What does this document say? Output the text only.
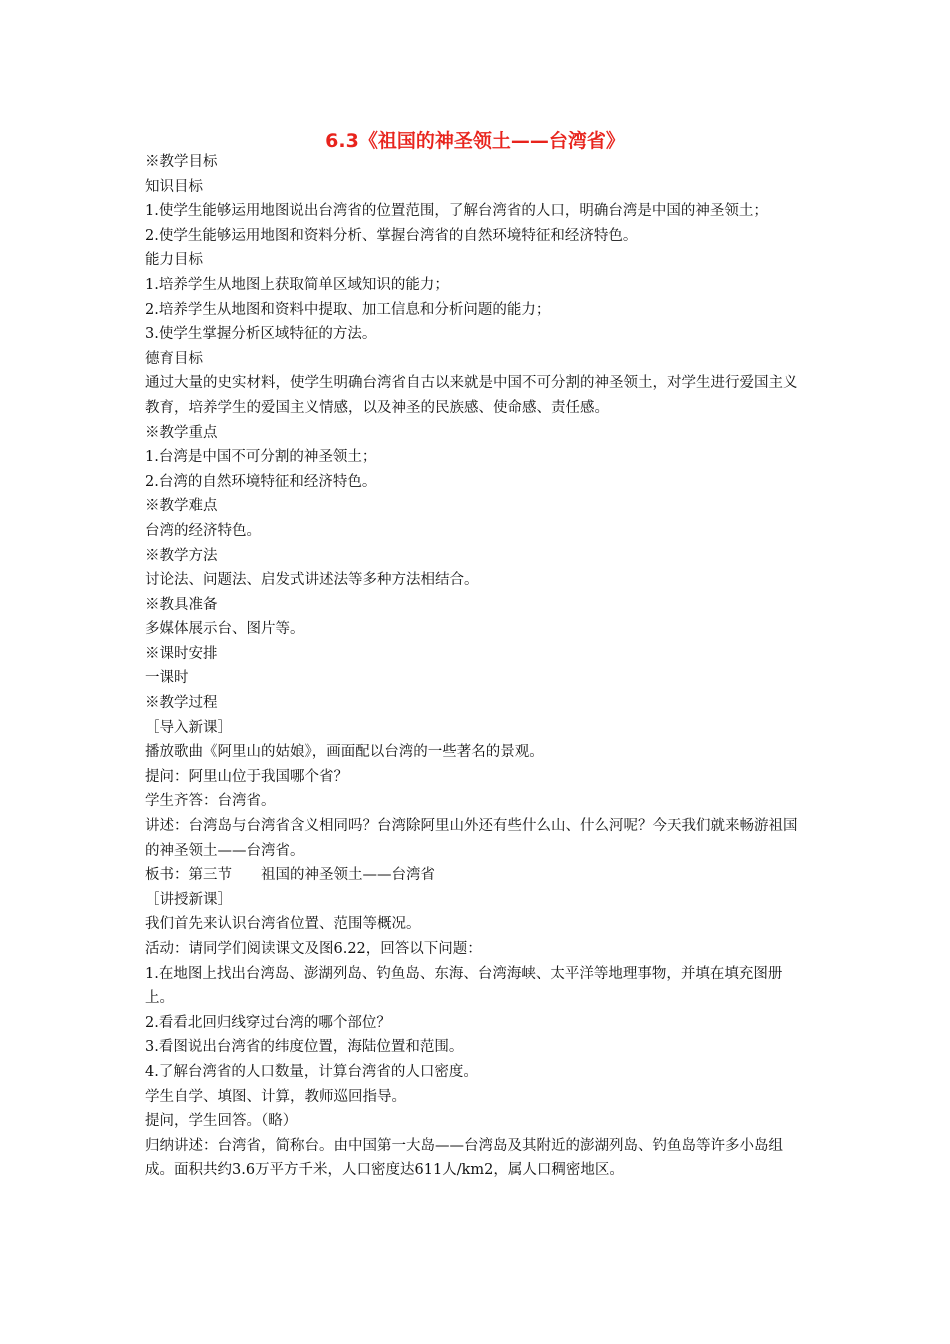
6.3《祖国的神圣领土——台湾省》

※教学目标

知识目标

1.使学生能够运用地图说出台湾省的位置范围，了解台湾省的人口，明确台湾是中国的神圣领土；

2.使学生能够运用地图和资料分析、掌握台湾省的自然环境特征和经济特色。

能力目标

1.培养学生从地图上获取简单区域知识的能力；

2.培养学生从地图和资料中提取、加工信息和分析问题的能力；

3.使学生掌握分析区域特征的方法。

德育目标

通过大量的史实材料，使学生明确台湾省自古以来就是中国不可分割的神圣领土，对学生进行爱国主义教育，培养学生的爱国主义情感，以及神圣的民族感、使命感、责任感。

※教学重点

1.台湾是中国不可分割的神圣领土；

2.台湾的自然环境特征和经济特色。

※教学难点

台湾的经济特色。

※教学方法

讨论法、问题法、启发式讲述法等多种方法相结合。

※教具准备

多媒体展示台、图片等。

※课时安排

一课时

※教学过程

［导入新课］

播放歌曲《阿里山的姑娘》，画面配以台湾的一些著名的景观。

提问：阿里山位于我国哪个省？

学生齐答：台湾省。

讲述：台湾岛与台湾省含义相同吗？台湾除阿里山外还有些什么山、什么河呢？今天我们就来畅游祖国的神圣领土——台湾省。

板书：第三节　　祖国的神圣领土——台湾省

［讲授新课］

我们首先来认识台湾省位置、范围等概况。

活动：请同学们阅读课文及图6.22，回答以下问题：

1.在地图上找出台湾岛、澎湖列岛、钓鱼岛、东海、台湾海峡、太平洋等地理事物，并填在填充图册上。

2.看看北回归线穿过台湾的哪个部位？

3.看图说出台湾省的纬度位置，海陆位置和范围。

4.了解台湾省的人口数量，计算台湾省的人口密度。

学生自学、填图、计算，教师巡回指导。

提问，学生回答。（略）

归纳讲述：台湾省，简称台。由中国第一大岛——台湾岛及其附近的澎湖列岛、钓鱼岛等许多小岛组成。面积共约3.6万平方千米，人口密度达611人/km2，属人口稠密地区。
